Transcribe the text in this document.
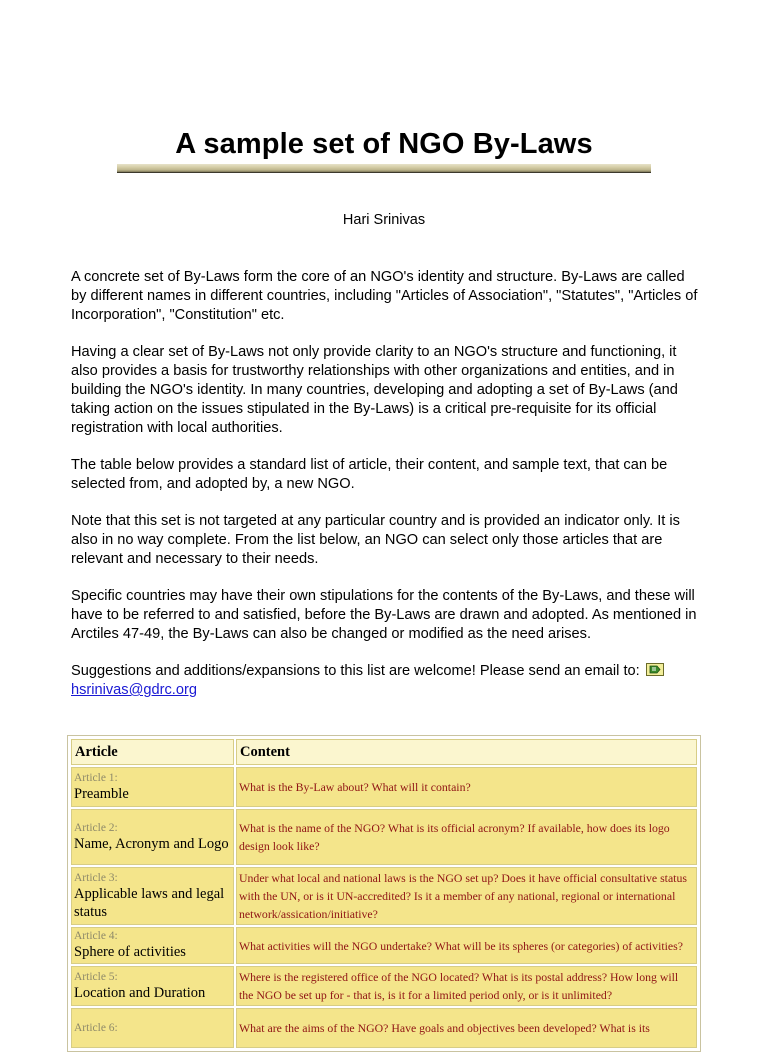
A sample set of NGO By-Laws
Hari Srinivas

A concrete set of By-Laws form the core of an NGO's identity and structure. By-Laws are called by different names in different countries, including "Articles of Association", "Statutes", "Articles of Incorporation", "Constitution" etc.

Having a clear set of By-Laws not only provide clarity to an NGO's structure and functioning, it also provides a basis for trustworthy relationships with other organizations and entities, and in building the NGO's identity. In many countries, developing and adopting a set of By-Laws (and taking action on the issues stipulated in the By-Laws) is a critical pre-requisite for its official registration with local authorities.

The table below provides a standard list of article, their content, and sample text, that can be selected from, and adopted by, a new NGO.

Note that this set is not targeted at any particular country and is provided an indicator only. It is also in no way complete. From the list below, an NGO can select only those articles that are relevant and necessary to their needs.

Specific countries may have their own stipulations for the contents of the By-Laws, and these will have to be referred to and satisfied, before the By-Laws are drawn and adopted. As mentioned in Arctiles 47-49, the By-Laws can also be changed or modified as the need arises.

Suggestions and additions/expansions to this list are welcome! Please send an email to:

hsrinivas@gdrc.org

Article	Content

Article 1:
Preamble	What is the By-Law about? What will it contain?

Article 2:
Name, Acronym and Logo	What is the name of the NGO? What is its official acronym? If available, how does its logo design look like?

Article 3:
Applicable laws and legal status	Under what local and national laws is the NGO set up? Does it have official consultative status with the UN, or is it UN-accredited? Is it a member of any national, regional or international network/assication/initiative?

Article 4:
Sphere of activities	What activities will the NGO undertake? What will be its spheres (or categories) of activities?

Article 5:
Location and Duration	Where is the registered office of the NGO located? What is its postal address? How long will the NGO be set up for - that is, is it for a limited period only, or is it unlimited?

Article 6:	What are the aims of the NGO? Have goals and objectives been developed? What is its
